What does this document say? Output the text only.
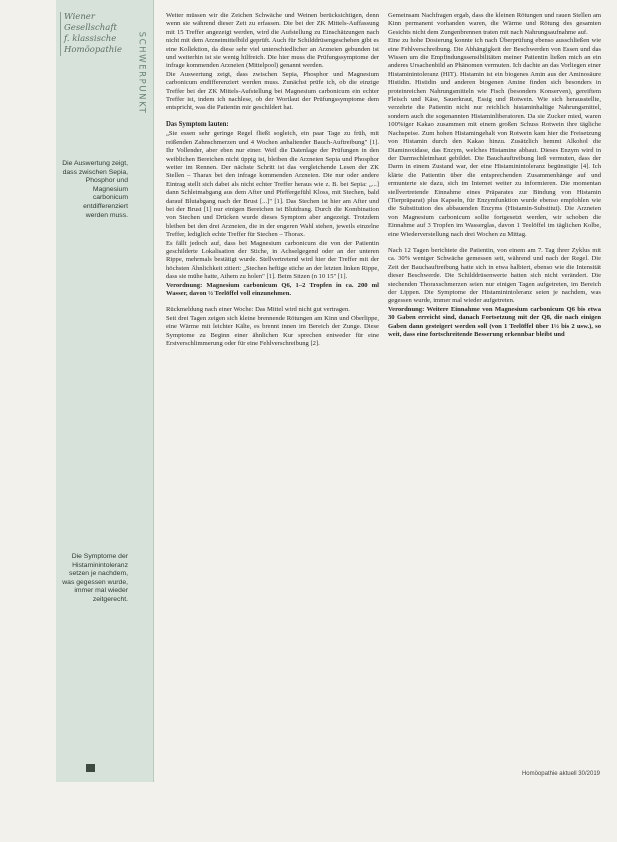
Wiener
Gesellschaft
f. klassische
Homöopathie	SCHWERPUNKT
Die Auswertung zeigt, dass zwischen Sepia, Phosphor und Magnesium carbonicum entdifferenziert werden muss.
Die Symptome der Histaminintoleranz setzen je nachdem, was gegessen wurde, immer mal wieder zeitgerecht.

Weiter müssen wir die Zeichen Schwäche und Weinen berücksichtigen, denn wenn sie während dieser Zeit zu erfassen. Die bei der ZK Mittels-Auffassung mit 15 Treffer angezeigt werden, wird die Aufstellung zu Einschätzungen nach nicht mit dem Arzneimittelbild geprüft. Auch für Schilddrüsengeschehen gibt es eine Kollektion, da diese sehr viel unterschiedlicher an Arzneien gebunden ist und weiterhin ist sie wenig hilfreich. Die hier muss die Prüfungssymptome der infrage kommenden Arzneien (Mittelpool) genannt werden.

Die Auswertung zeigt, dass zwischen Sepia, Phosphor und Magnesium carbonicum endifferenziert werden muss. Zunächst prüfe ich, ob die einzige Treffer bei der ZK Mittels-Aufstellung bei Magnesium carbonicum ein echter Treffer ist, indem ich nachlese, ob der Wortlaut der Prüfungssymptome dem entspricht, was die Patientin mir geschildert hat.

Das Symptom lauten:

„Sie essen sehr geringe Regel fließt sogleich, ein paar Tage zu früh, mit reißenden Zahnschmerzen und 4 Wochen anhaltender Bauch-Auftreibung" [1]. Ihr Vollender, aber eben nur einer. Weil die Datenlage der Prüfungen in den weiblichen Bereichen nicht üppig ist, bleiben die Arzneien Sepia und Phosphor weiter im Rennen. Der nächste Schritt ist das vergleichende Lesen der ZK Stellen – Tharax bei den infrage kommenden Arzneien. Die nur oder andere Eintrag stellt sich dabei als nicht echter Treffer heraus wie z. B. bei Sepia: „...] dann Schleimabgang aus dem After und Pfeffergefühl Kloss, mit Stechen, bald darauf Blutabgang nach der Brust [...]" [1]. Das Stechen ist hier am After und bei der Brust [1] nur einigen Bereichen ist Blutdrang. Durch die Kombination von Stechen und Drücken wurde dieses Symptom aber angezeigt. Trotzdem bleiben bei den drei Arzneien, die in der engeren Wahl stehen, jeweils einzelne Treffer, lediglich echte Treffer für Stechen – Thorax.

Es fällt jedoch auf, dass bei Magnesium carbonicum die von der Patientin geschilderte Lokalisation der Stiche, in Achselgegend oder an der unteren Rippe, mehrmals bestätigt wurde. Stellvertretend wird hier der Treffer mit der höchsten Ähnlichkeit zitiert: „Stechen heftige stiche an der letzten linken Rippe, dass sie mühe hatte, Athem zu holen" [1]. Beim Sitzen (n 10 15" [1].

Verordnung: Magnesium carbonicum Q6, 1–2 Tropfen in ca. 200 ml Wasser, davon ½ Teelöffel voll einzunehmen.

Rückmeldung nach einer Woche: Das Mittel wird nicht gut vertragen.

Seit drei Tagen zeigen sich kleine brennende Rötungen am Kinn und Oberlippe, eine Wärme mit leichter Kälte, es brennt innen im Bereich der Zunge. Diese Symptome zu Beginn einer ähnlichen Kur sprechen entweder für eine Erstverschlimmerung oder für eine Fehlverschreibung [2].

Gemeinsam Nachfragen ergab, dass die kleinen Rötungen und rauen Stellen am Kinn permanent vorhanden waren, die Wärme und Rötung des gesamten Gesichts nicht dem Zungenbrennen traten mit nach Nahrungsaufnahme auf.

Eine zu hohe Dosierung konnte ich nach Überprüfung ebenso ausschließen wie eine Fehlverschreibung. Die Abhängigkeit der Beschwerden von Essen und das Wissen um die Empfindungssensibilitäten meiner Patientin ließen mich an ein anderes Ursachenbild an Phänomen vermuten. Ich dachte an das Vorliegen einer Histaminintoleranz (HIT). Histamin ist ein biogenes Amin aus der Aminosäure Histidin. Histidin und anderen biogenen Amine finden sich besonders in proteinreichen Nahrungsmitteln wie Fisch (besonders Konserven), gereiftem Fleisch und Käse, Sauerkraut, Essig und Rotwein. Wie sich herausstellte, verzehrte die Patientin nicht nur reichlich histaminhaltige Nahrungsmittel, sondern auch die sogenannten Histaminliberatoren. Da sie Zucker mied, waren 100%iger Kakao zusammen mit einem großen Schuss Rotwein ihre tägliche Nachspeise. Zum hohen Histamingehalt von Rotwein kam hier die Freisetzung von Histamin durch den Kakao hinzu. Zusätzlich hemmt Alkohol die Diaminoxidase, das Enzym, welches Histamine abbaut. Dieses Enzym wird in der Darmschleimhaut gebildet. Die Bauchauftreibung ließ vermuten, dass der Darm in einem Zustand war, der eine Histaminintoleranz begünstigte [4]. Ich klärte die Patientin über die entsprechenden Zusammenhänge auf und ermunterte sie dazu, sich im Internet weiter zu informieren. Die momentan stellvertretende Einnahme eines Präparates zur Bindung von Histamin (Tierpräparat) plus Kapseln, für Enzymfunktion wurde ebenso empfohlen wie die Substitution des abbauenden Enzyms (Histamin-Substitut). Die Arzneien von Magnesium carbonicum sollte fortgesetzt werden, wir schoben die Einnahme auf 3 Tropfen im Wasserglas, davon 1 Teelöffel im täglichen Kolbe, eine Wiederverstellung nach drei Wochen zu Mittag.

Nach 12 Tagen berichtete die Patientin, von einem am 7. Tag ihrer Zyklus mit ca. 30% weniger Schwäche gemessen seit, während und nach der Regel. Die Zeit der Bauchauftreibung hatte sich in etwa halbiert, ebenso wie die Intensität dieser Beschwerde. Die Schilddrüsenwerte hatten sich nicht verändert. Die stechenden Thoraxschmerzen seien nur einigen Tagen aufgetreten, im Bereich der Lippen. Die Symptome der Histaminintoleranz seien je nachdem, was gegessen wurde, immer mal wieder aufgetreten.

Verordnung: Weitere Einnahme von Magnesium carbonicum Q6 bis etwa 30 Gaben erreicht sind, danach Fortsetzung mit der Q8, die nach einigen Gaben dann gesteigert werden soll (von 1 Teelöffel über 1½ bis 2 usw.), so weit, dass eine fortschreitende Besserung erkennbar bleibt und

Homöopathie aktuell 30/2019
